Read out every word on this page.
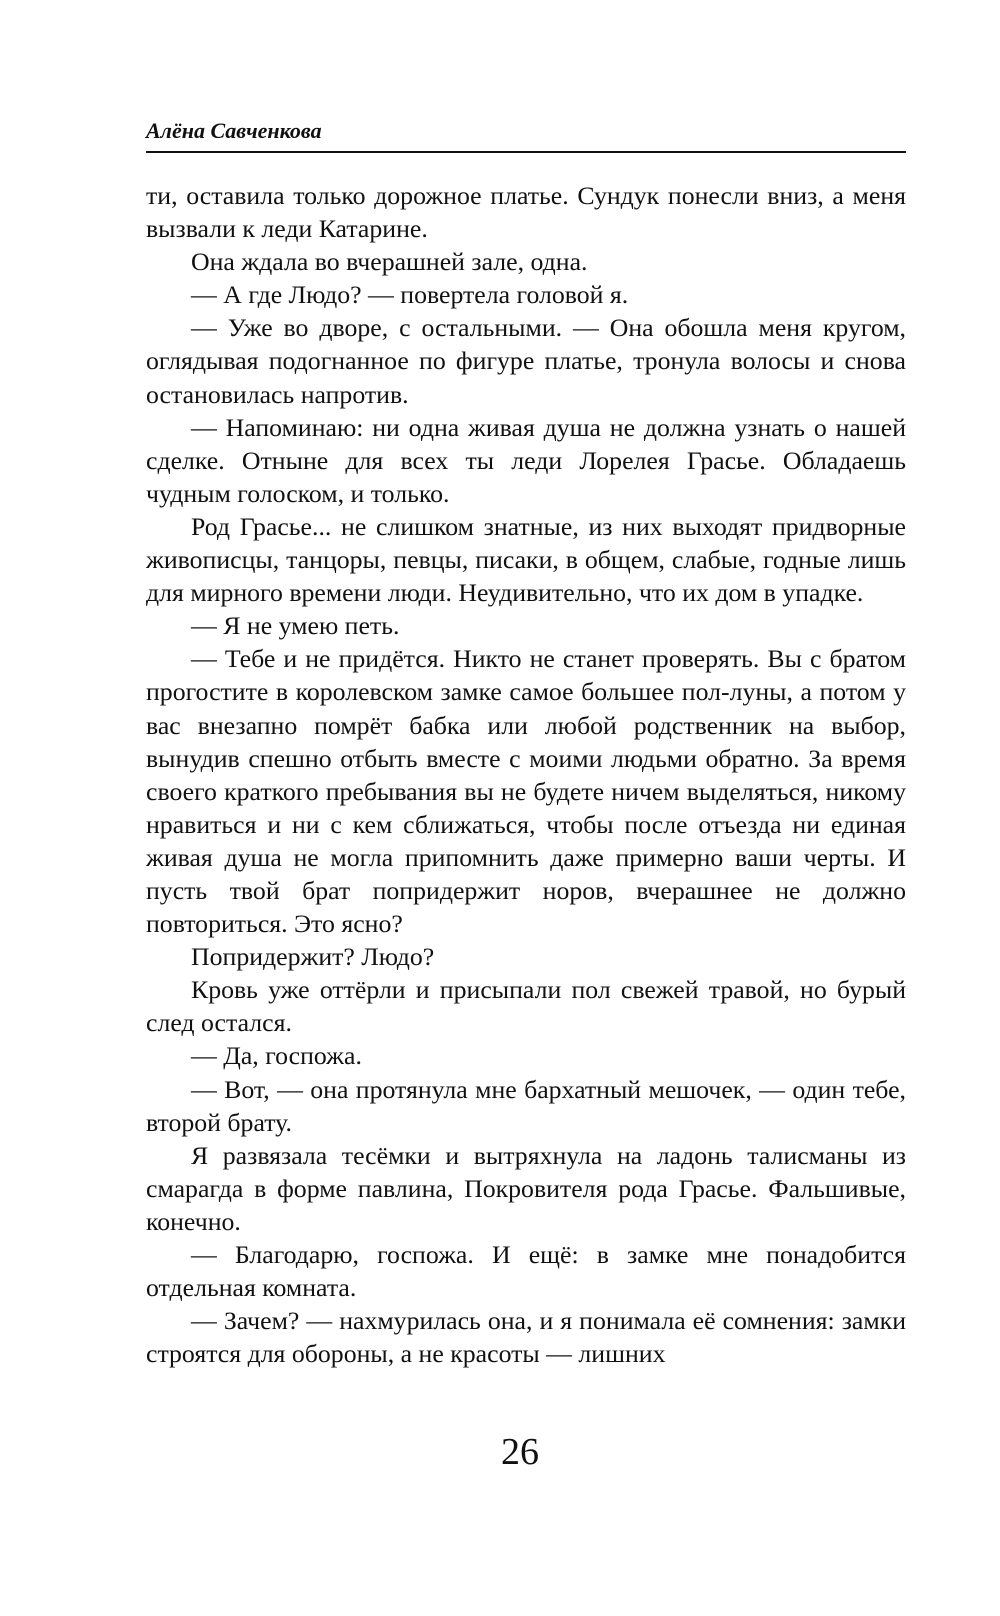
Алёна Савченкова

ти, оставила только дорожное платье. Сундук понесли вниз, а меня вызвали к леди Катарине.

Она ждала во вчерашней зале, одна.

— А где Людо? — повертела головой я.

— Уже во дворе, с остальными. — Она обошла меня кругом, оглядывая подогнанное по фигуре платье, тронула волосы и снова остановилась напротив.

— Напоминаю: ни одна живая душа не должна узнать о нашей сделке. Отныне для всех ты леди Лорелея Грасье. Обладаешь чудным голоском, и только.

Род Грасье... не слишком знатные, из них выходят придворные живописцы, танцоры, певцы, писаки, в общем, слабые, годные лишь для мирного времени люди. Неудивительно, что их дом в упадке.

— Я не умею петь.

— Тебе и не придётся. Никто не станет проверять. Вы с братом прогостите в королевском замке самое большее пол-луны, а потом у вас внезапно помрёт бабка или любой родственник на выбор, вынудив спешно отбыть вместе с моими людьми обратно. За время своего краткого пребывания вы не будете ничем выделяться, никому нравиться и ни с кем сближаться, чтобы после отъезда ни единая живая душа не могла припомнить даже примерно ваши черты. И пусть твой брат попридержит норов, вчерашнее не должно повториться. Это ясно?

Попридержит? Людо?

Кровь уже оттёрли и присыпали пол свежей травой, но бурый след остался.

— Да, госпожа.

— Вот, — она протянула мне бархатный мешочек, — один тебе, второй брату.

Я развязала тесёмки и вытряхнула на ладонь талисманы из смарагда в форме павлина, Покровителя рода Грасье. Фальшивые, конечно.

— Благодарю, госпожа. И ещё: в замке мне понадобится отдельная комната.

— Зачем? — нахмурилась она, и я понимала её сомнения: замки строятся для обороны, а не красоты — лишних

26
